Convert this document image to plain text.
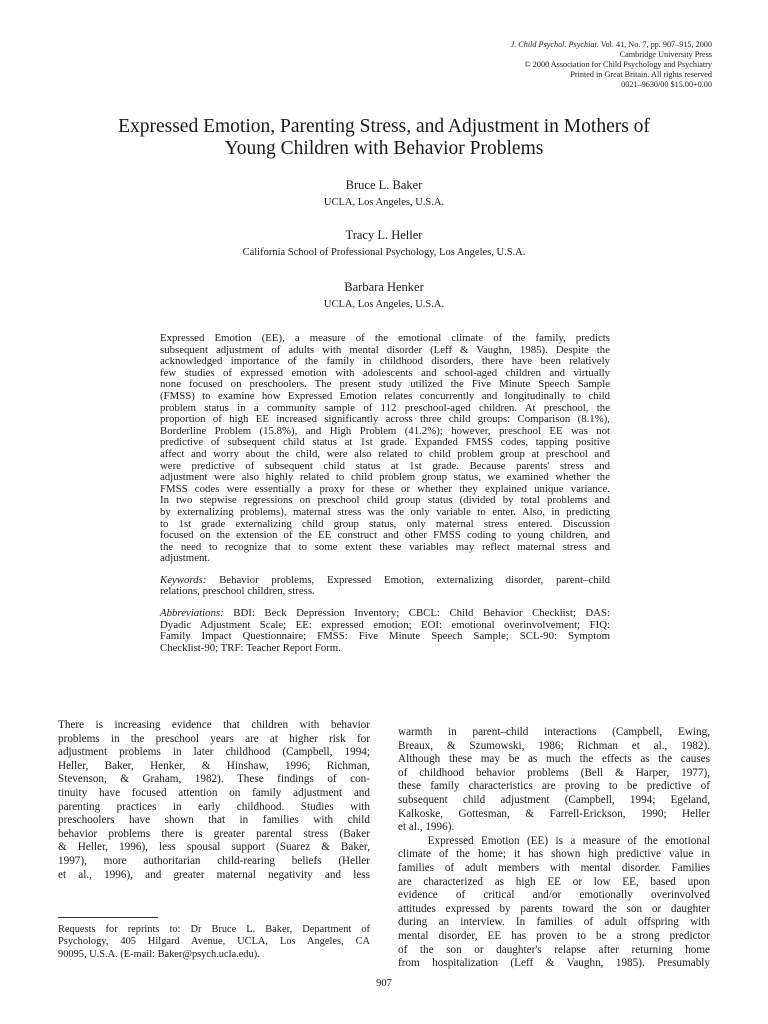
J. Child Psychol. Psychiat. Vol. 41, No. 7, pp. 907–915, 2000
Cambridge University Press
© 2000 Association for Child Psychology and Psychiatry
Printed in Great Britain. All rights reserved
0021–9630/00 $15.00+0.00
Expressed Emotion, Parenting Stress, and Adjustment in Mothers of
Young Children with Behavior Problems
Bruce L. Baker
UCLA, Los Angeles, U.S.A.
Tracy L. Heller
California School of Professional Psychology, Los Angeles, U.S.A.
Barbara Henker
UCLA, Los Angeles, U.S.A.
Expressed Emotion (EE), a measure of the emotional climate of the family, predicts
subsequent adjustment of adults with mental disorder (Leff & Vaughn, 1985). Despite the
acknowledged importance of the family in childhood disorders, there have been relatively
few studies of expressed emotion with adolescents and school-aged children and virtually
none focused on preschoolers. The present study utilized the Five Minute Speech Sample
(FMSS) to examine how Expressed Emotion relates concurrently and longitudinally to child
problem status in a community sample of 112 preschool-aged children. At preschool, the
proportion of high EE increased significantly across three child groups: Comparison (8.1%),
Borderline Problem (15.8%), and High Problem (41.2%); however, preschool EE was not
predictive of subsequent child status at 1st grade. Expanded FMSS codes, tapping positive
affect and worry about the child, were also related to child problem group at preschool and
were predictive of subsequent child status at 1st grade. Because parents' stress and
adjustment were also highly related to child problem group status, we examined whether the
FMSS codes were essentially a proxy for these or whether they explained unique variance.
In two stepwise regressions on preschool child group status (divided by total problems and
by externalizing problems), maternal stress was the only variable to enter. Also, in predicting
to 1st grade externalizing child group status, only maternal stress entered. Discussion
focused on the extension of the EE construct and other FMSS coding to young children, and
the need to recognize that to some extent these variables may reflect maternal stress and
adjustment.
Keywords: Behavior problems, Expressed Emotion, externalizing disorder, parent–child
relations, preschool children, stress.
Abbreviations: BDI: Beck Depression Inventory; CBCL: Child Behavior Checklist; DAS:
Dyadic Adjustment Scale; EE: expressed emotion; EOI: emotional overinvolvement; FIQ:
Family Impact Questionnaire; FMSS: Five Minute Speech Sample; SCL-90: Symptom
Checklist-90; TRF: Teacher Report Form.
There is increasing evidence that children with behavior
problems in the preschool years are at higher risk for
adjustment problems in later childhood (Campbell, 1994;
Heller, Baker, Henker, & Hinshaw, 1996; Richman,
Stevenson, & Graham, 1982). These findings of con-
tinuity have focused attention on family adjustment and
parenting practices in early childhood. Studies with
preschoolers have shown that in families with child
behavior problems there is greater parental stress (Baker
& Heller, 1996), less spousal support (Suarez & Baker,
1997), more authoritarian child-rearing beliefs (Heller
et al., 1996), and greater maternal negativity and less
warmth in parent–child interactions (Campbell, Ewing,
Breaux, & Szumowski, 1986; Richman et al., 1982).
Although these may be as much the effects as the causes
of childhood behavior problems (Bell & Harper, 1977),
these family characteristics are proving to be predictive of
subsequent child adjustment (Campbell, 1994; Egeland,
Kalkoske, Gottesman, & Farrell-Erickson, 1990; Heller
et al., 1996).
Expressed Emotion (EE) is a measure of the emotional
climate of the home; it has shown high predictive value in
families of adult members with mental disorder. Families
are characterized as high EE or low EE, based upon
evidence of critical and/or emotionally overinvolved
attitudes expressed by parents toward the son or daughter
during an interview. In families of adult offspring with
mental disorder, EE has proven to be a strong predictor
of the son or daughter's relapse after returning home
from hospitalization (Leff & Vaughn, 1985). Presumably
Requests for reprints to: Dr Bruce L. Baker, Department of
Psychology, 405 Hilgard Avenue, UCLA, Los Angeles, CA
90095, U.S.A. (E-mail: Baker@psych.ucla.edu).
907
